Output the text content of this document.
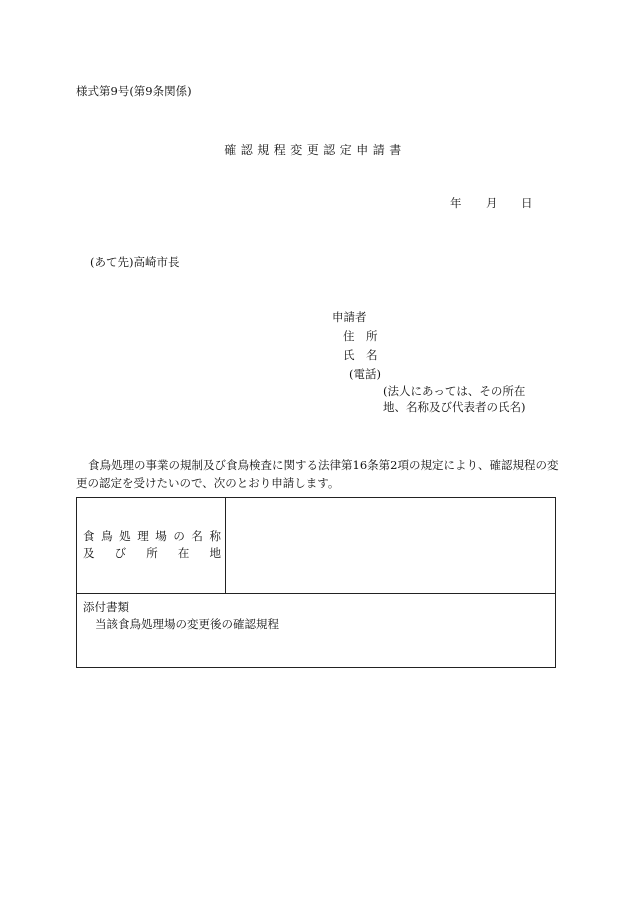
様式第9号(第9条関係)
確認規程変更認定申請書
年 月 日
(あて先)高崎市長
申請者
住　所
氏　名
(電話)
(法人にあっては、その所在
地、名称及び代表者の氏名)
食鳥処理の事業の規制及び食鳥検査に関する法律第16条第2項の規定により、確認規程の変更の認定を受けたいので、次のとおり申請します。
食鳥処理場の名称
及び所在地
添付書類
当該食鳥処理場の変更後の確認規程
